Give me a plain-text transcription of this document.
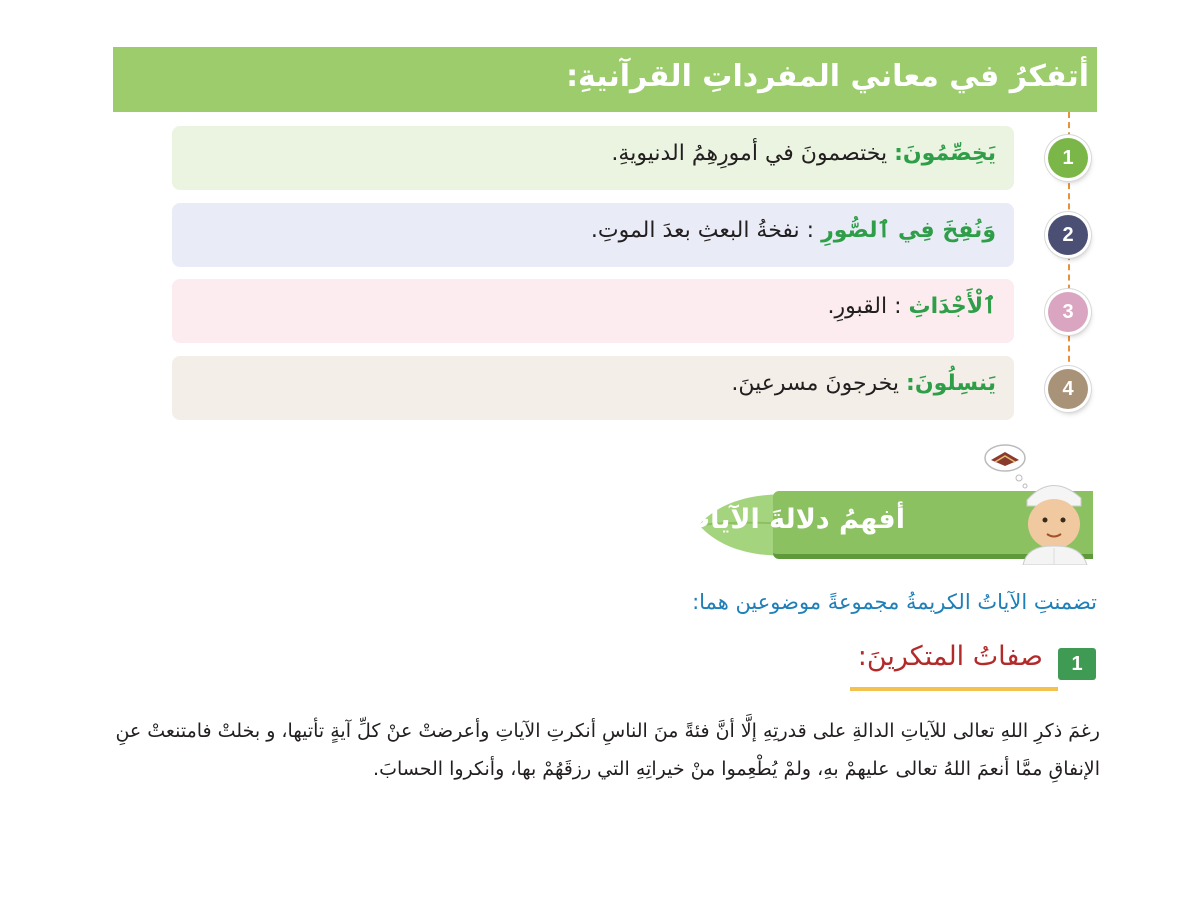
أتفكرُ في معاني المفرداتِ القرآنيةِ:
يَخِصِّمُونَ: يختصمونَ في أمورِهِمُ الدنيويةِ.	1
وَنُفِخَ فِي ٱلصُّورِ : نفخةُ البعثِ بعدَ الموتِ.	2
ٱلْأَجْدَاثِ : القبورِ.	3
يَنسِلُونَ: يخرجونَ مسرعينَ.	4
أفهمُ دلالةَ الآياتِ
تضمنتِ الآياتُ الكريمةُ مجموعةً موضوعين هما:
1
صفاتُ المتكرينَ:
رغمَ ذكرِ اللهِ تعالى للآياتِ الدالةِ على قدرتِهِ إلَّا أنَّ فئةً منَ الناسِ أنكرتِ الآياتِ وأعرضتْ عنْ كلِّ آيةٍ تأتيها، و بخلتْ فامتنعتْ عنِ الإنفاقِ ممَّا أنعمَ اللهُ تعالى عليهمْ بهِ، ولمْ يُطْعِموا منْ خيراتِهِ التي رزقَهُمْ بها، وأنكروا الحسابَ.
